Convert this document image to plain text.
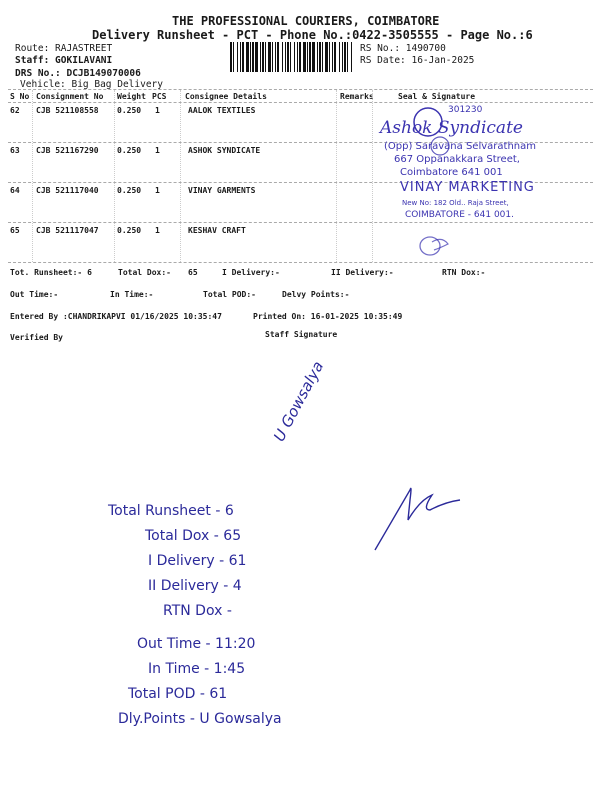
THE PROFESSIONAL COURIERS, COIMBATORE
Delivery Runsheet - PCT - Phone No.:0422-3505555 - Page No.:6
Route: RAJASTREET
Staff: GOKILAVANI
DRS No.: DCJB149070006
Vehicle: Big Bag Delivery
RS No.: 1490700
RS Date: 16-Jan-2025
S No Consignment No Weight PCS Consignee Details	Remarks	Seal & Signature
62 CJB 521108558 0.250 1	AALOK TEXTILES
63 CJB 521167290 0.250 1	ASHOK SYNDICATE
64 CJB 521117040 0.250 1	VINAY GARMENTS
65 CJB 521117047 0.250 1	KESHAV CRAFT
301230
Ashok Syndicate
(Opp) Saravana Selvarathnam
667 Oppanakkara Street,
Coimbatore 641 001
VINAY MARKETING
New No: 182 Old.. Raja Street,
COIMBATORE - 641 001.
Tot. Runsheet:- 6	Total Dox:- 65	I Delivery:-	II Delivery:-	RTN Dox:-
Out Time:-	In Time:-	Total POD:-	Delvy Points:-
Entered By :CHANDRIKAPVI 01/16/2025 10:35:47	Printed On: 16-01-2025 10:35:49
Verified By	Staff Signature
U Gowsalya
Total Runsheet - 6
Total Dox - 65
I Delivery - 61
II Delivery - 4
RTN Dox -
Out Time - 11:20
In Time - 1:45
Total POD - 61
Dly.Points - U Gowsalya
